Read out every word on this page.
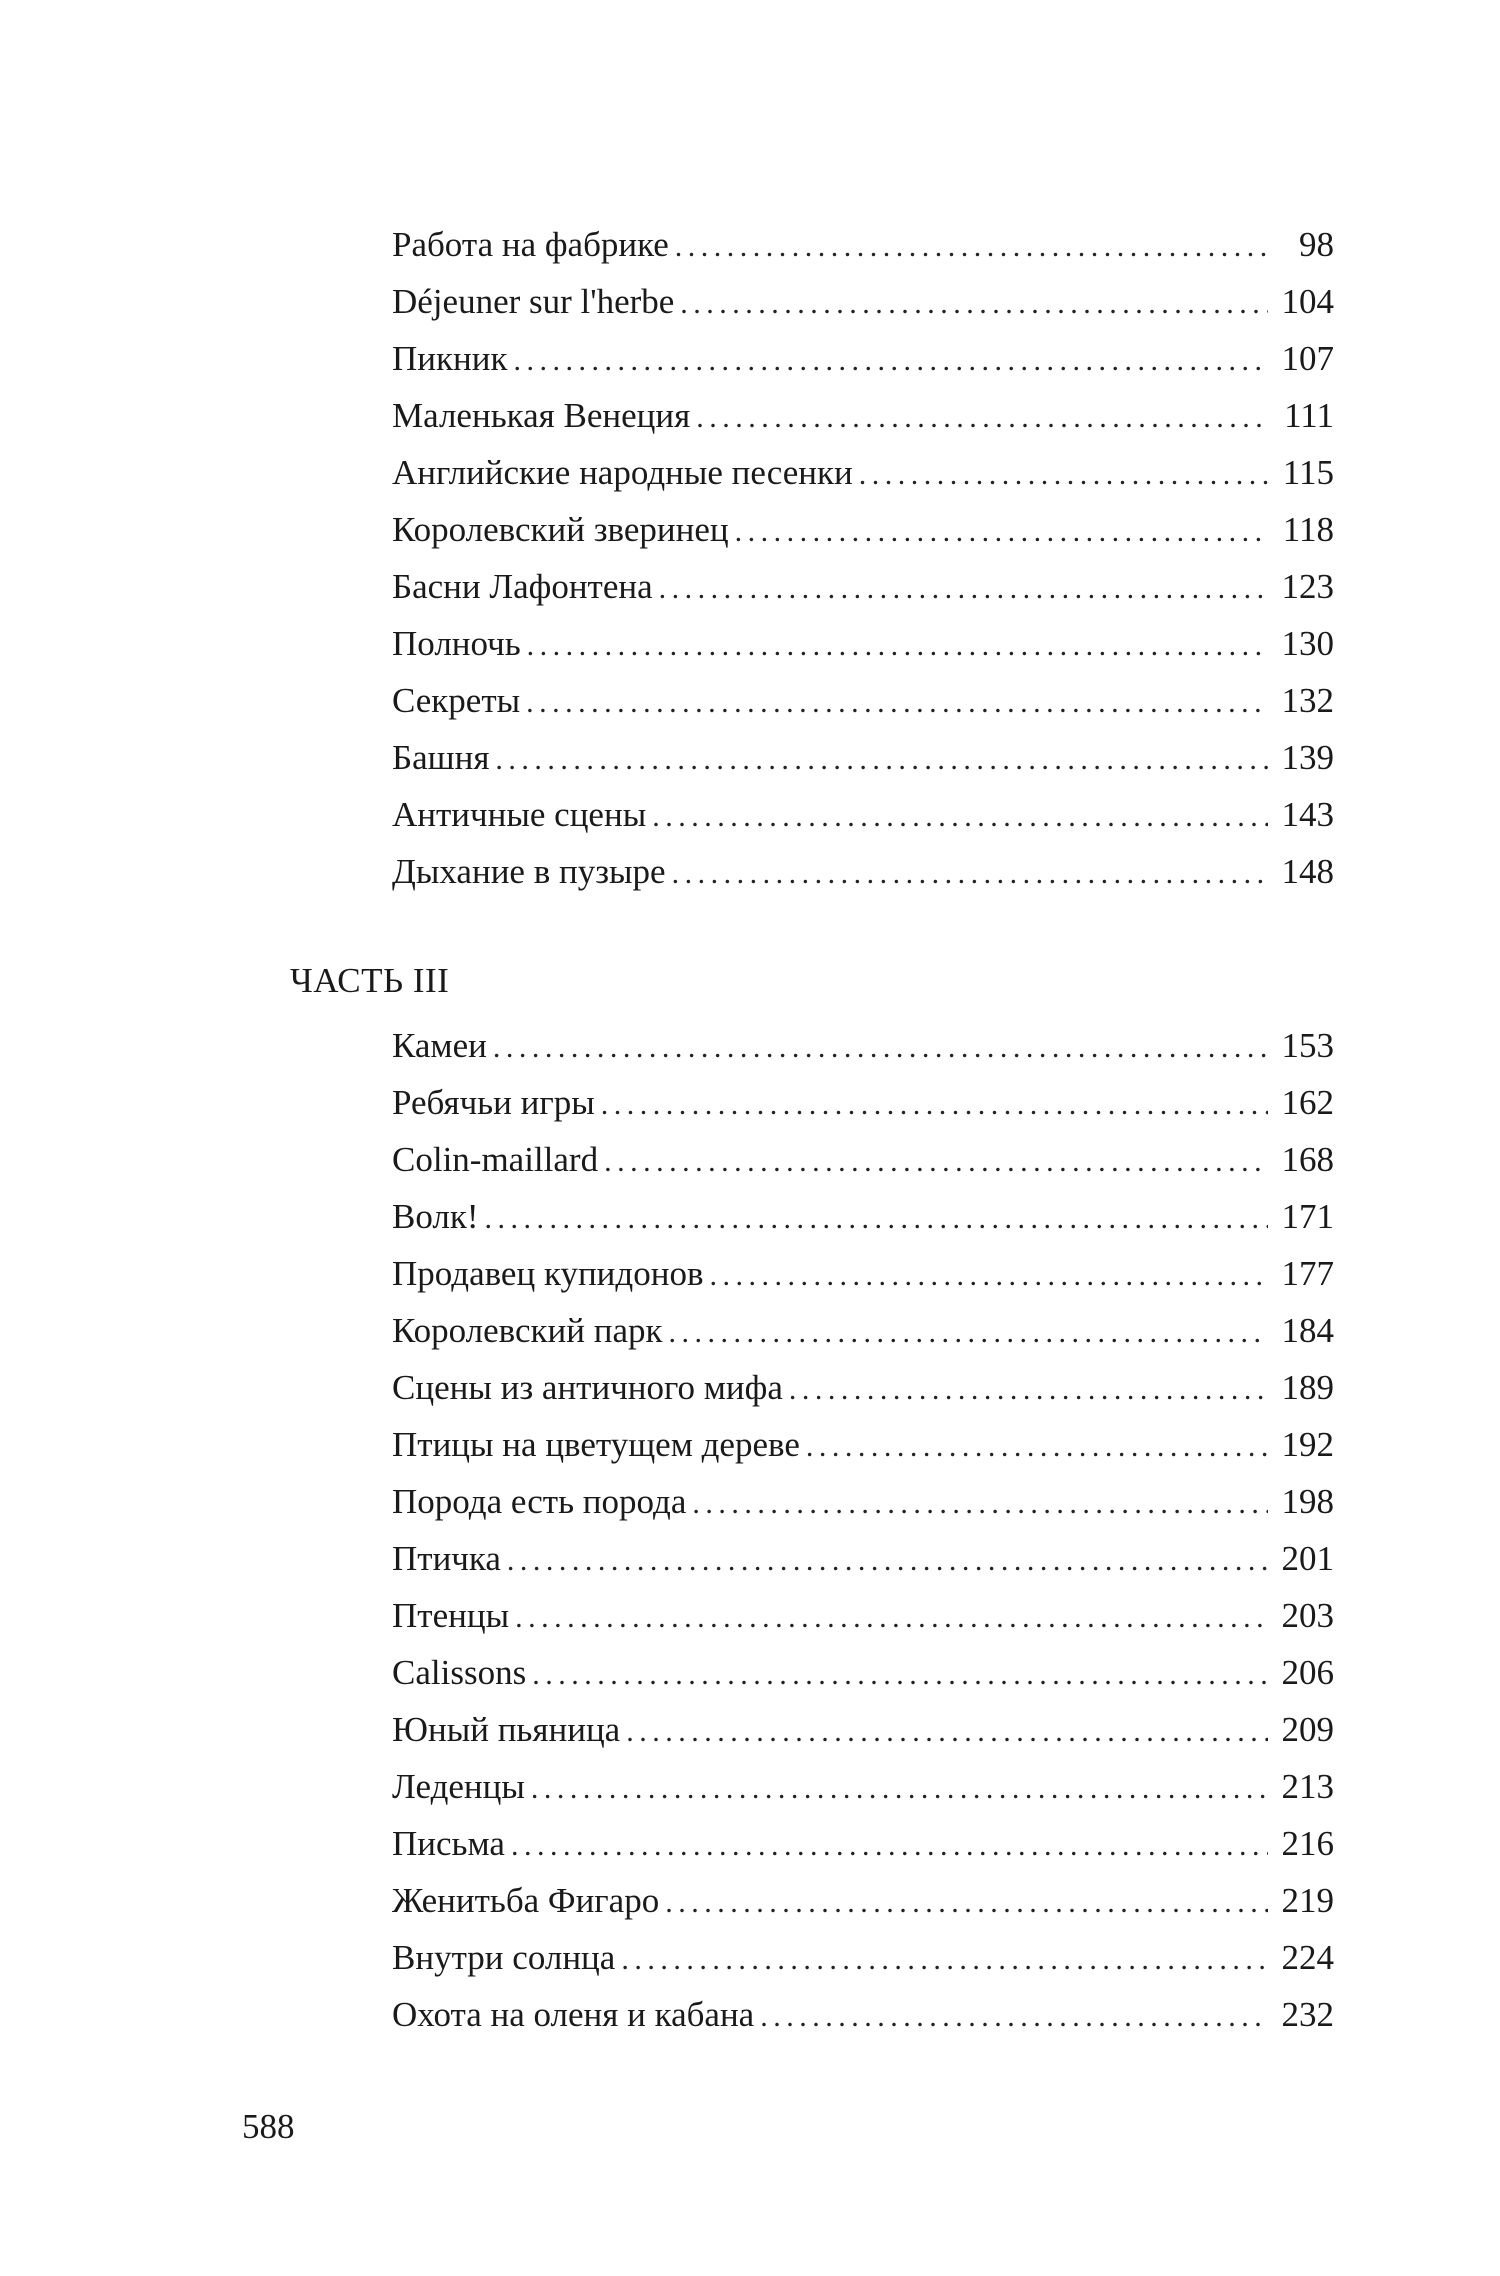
Работа на фабрике . . .	98
Déjeuner sur l'herbe . . .	104
Пикник . . .	107
Маленькая Венеция . . .	111
Английские народные песенки . . .	115
Королевский зверинец . . .	118
Басни Лафонтена . . .	123
Полночь . . .	130
Секреты . . .	132
Башня . . .	139
Античные сцены . . .	143
Дыхание в пузыре . . .	148
ЧАСТЬ III
Камеи . . .	153
Ребячьи игры . . .	162
Colin-maillard . . .	168
Волк! . . .	171
Продавец купидонов . . .	177
Королевский парк . . .	184
Сцены из античного мифа . . .	189
Птицы на цветущем дереве . . .	192
Порода есть порода . . .	198
Птичка . . .	201
Птенцы . . .	203
Calissons . . .	206
Юный пьяница . . .	209
Леденцы . . .	213
Письма . . .	216
Женитьба Фигаро . . .	219
Внутри солнца . . .	224
Охота на оленя и кабана . . .	232
588
